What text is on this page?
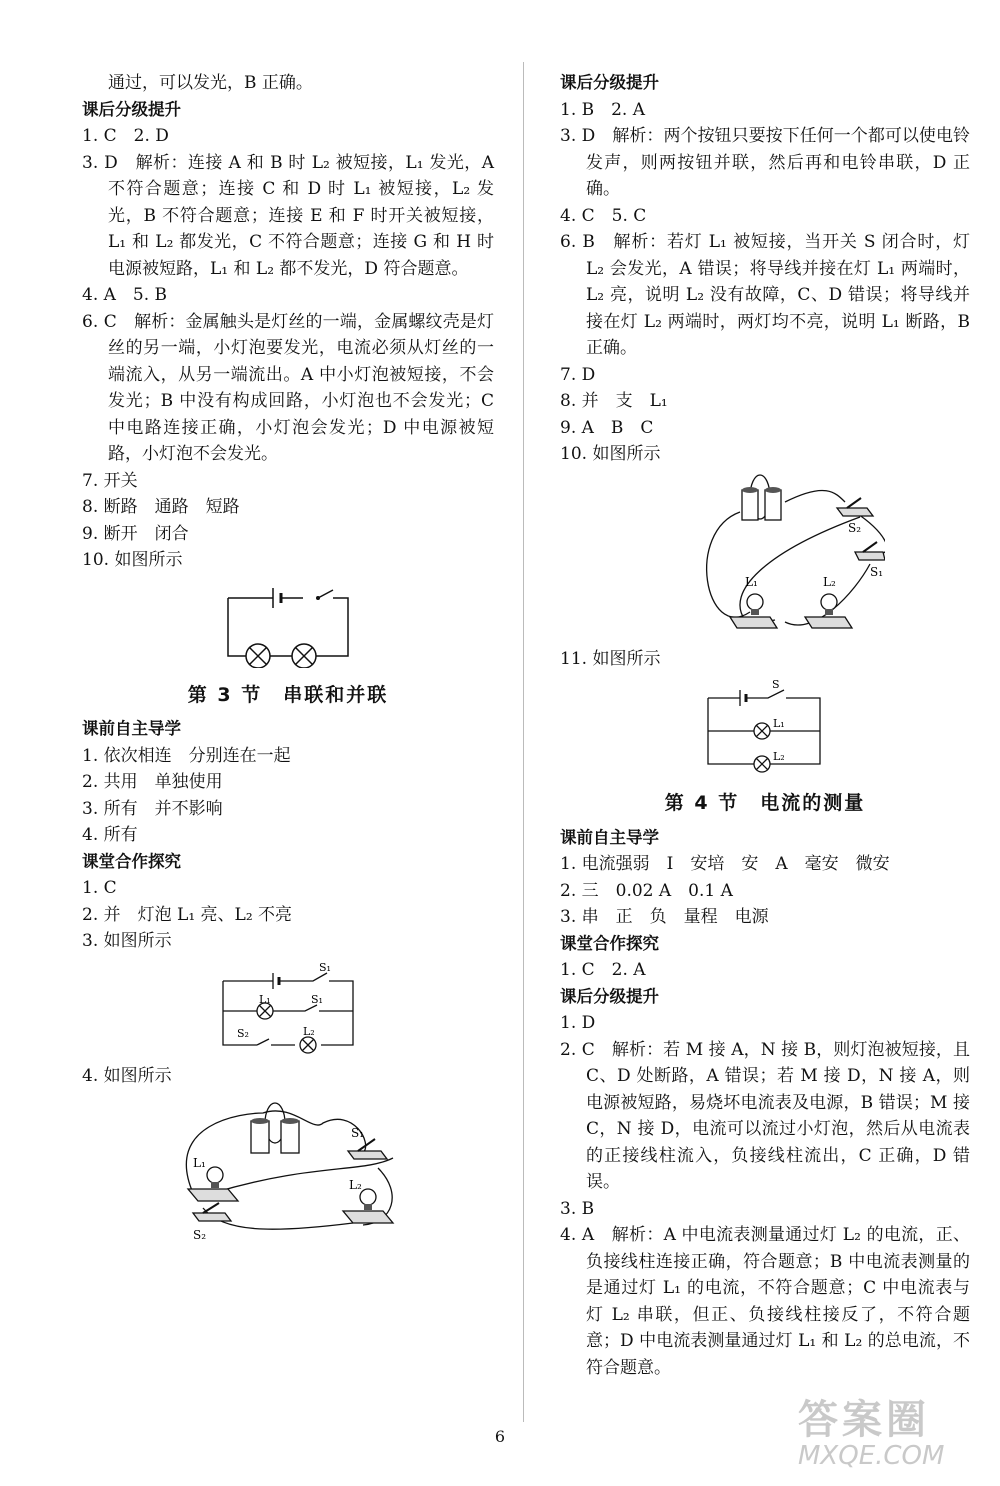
通过，可以发光，B 正确。

课后分级提升

1. C　2. D

3. D　解析：连接 A 和 B 时 L₂ 被短接，L₁ 发光，A 不符合题意；连接 C 和 D 时 L₁ 被短接，L₂ 发光，B 不符合题意；连接 E 和 F 时开关被短接，L₁ 和 L₂ 都发光，C 不符合题意；连接 G 和 H 时电源被短路，L₁ 和 L₂ 都不发光，D 符合题意。

4. A　5. B

6. C　解析：金属触头是灯丝的一端，金属螺纹壳是灯丝的另一端，小灯泡要发光，电流必须从灯丝的一端流入，从另一端流出。A 中小灯泡被短接，不会发光；B 中没有构成回路，小灯泡也不会发光；C 中电路连接正确，小灯泡会发光；D 中电源被短路，小灯泡不会发光。

7. 开关

8. 断路　通路　短路

9. 断开　闭合

10. 如图所示

第 3 节　串联和并联

课前自主导学

1. 依次相连　分别连在一起

2. 共用　单独使用

3. 所有　并不影响

4. 所有

课堂合作探究

1. C

2. 并　灯泡 L₁ 亮、L₂ 不亮

3. 如图所示

S₁
L₁	S₁
S₂	L₂

4. 如图所示

L₁
L₂
S₁
S₂

课后分级提升

1. B　2. A

3. D　解析：两个按钮只要按下任何一个都可以使电铃发声，则两按钮并联，然后再和电铃串联，D 正确。

4. C　5. C

6. B　解析：若灯 L₁ 被短接，当开关 S 闭合时，灯 L₂ 会发光，A 错误；将导线并接在灯 L₁ 两端时，L₂ 亮，说明 L₂ 没有故障，C、D 错误；将导线并接在灯 L₂ 两端时，两灯均不亮，说明 L₁ 断路，B 正确。

7. D

8. 并　支　L₁

9. A　B　C

10. 如图所示

S₂
S₁
L₁	L₂

11. 如图所示

S
L₁
L₂

第 4 节　电流的测量

课前自主导学

1. 电流强弱　I　安培　安　A　毫安　微安

2. 三　0.02 A　0.1 A

3. 串　正　负　量程　电源

课堂合作探究

1. C　2. A

课后分级提升

1. D

2. C　解析：若 M 接 A，N 接 B，则灯泡被短接，且 C、D 处断路，A 错误；若 M 接 D，N 接 A，则电源被短路，易烧坏电流表及电源，B 错误；M 接 C，N 接 D，电流可以流过小灯泡，然后从电流表的正接线柱流入，负接线柱流出，C 正确，D 错误。

3. B

4. A　解析：A 中电流表测量通过灯 L₂ 的电流，正、负接线柱连接正确，符合题意；B 中电流表测量的是通过灯 L₁ 的电流，不符合题意；C 中电流表与灯 L₂ 串联，但正、负接线柱接反了，不符合题意；D 中电流表测量通过灯 L₁ 和 L₂ 的总电流，不符合题意。

6	答案圈
MXQE.COM
